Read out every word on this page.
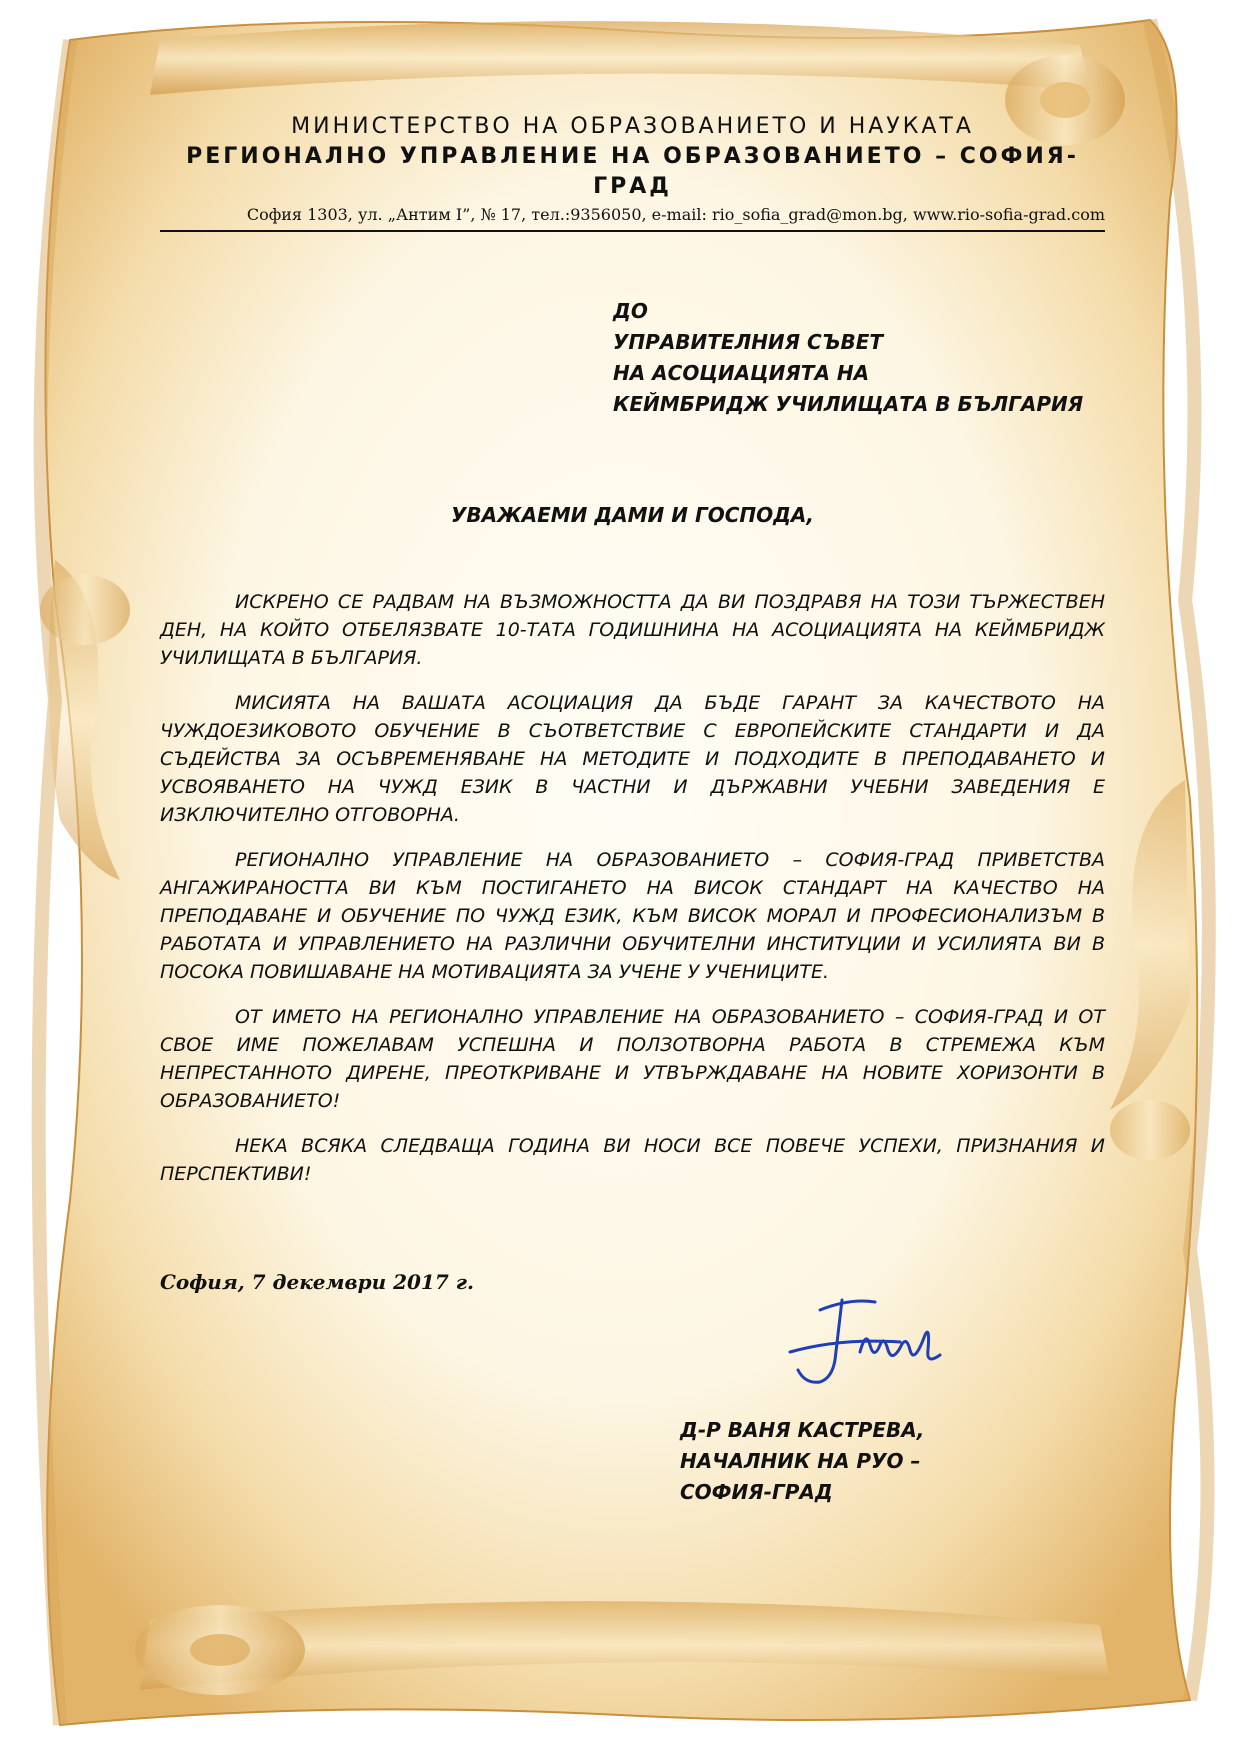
МИНИСТЕРСТВО НА ОБРАЗОВАНИЕТО И НАУКАТА
РЕГИОНАЛНО УПРАВЛЕНИЕ НА ОБРАЗОВАНИЕТО – СОФИЯ-ГРАД
София 1303, ул. „Антим I”, № 17, тел.:9356050, e-mail: rio_sofia_grad@mon.bg, www.rio-sofia-grad.com
ДО
УПРАВИТЕЛНИЯ СЪВЕТ
НА АСОЦИАЦИЯТА НА
КЕЙМБРИДЖ УЧИЛИЩАТА В БЪЛГАРИЯ
УВАЖАЕМИ ДАМИ И ГОСПОДА,

ИСКРЕНО СЕ РАДВАМ НА ВЪЗМОЖНОСТТА ДА ВИ ПОЗДРАВЯ НА ТОЗИ ТЪРЖЕСТВЕН ДЕН, НА КОЙТО ОТБЕЛЯЗВАТЕ 10-ТАТА ГОДИШНИНА НА АСОЦИАЦИЯТА НА КЕЙМБРИДЖ УЧИЛИЩАТА В БЪЛГАРИЯ.

МИСИЯТА НА ВАШАТА АСОЦИАЦИЯ ДА БЪДЕ ГАРАНТ ЗА КАЧЕСТВОТО НА ЧУЖДОЕЗИКОВОТО ОБУЧЕНИЕ В СЪОТВЕТСТВИЕ С ЕВРОПЕЙСКИТЕ СТАНДАРТИ И ДА СЪДЕЙСТВА ЗА ОСЪВРЕМЕНЯВАНЕ НА МЕТОДИТЕ И ПОДХОДИТЕ В ПРЕПОДАВАНЕТО И УСВОЯВАНЕТО НА ЧУЖД ЕЗИК В ЧАСТНИ И ДЪРЖАВНИ УЧЕБНИ ЗАВЕДЕНИЯ Е ИЗКЛЮЧИТЕЛНО ОТГОВОРНА.

РЕГИОНАЛНО УПРАВЛЕНИЕ НА ОБРАЗОВАНИЕТО – СОФИЯ-ГРАД ПРИВЕТСТВА АНГАЖИРАНОСТТА ВИ КЪМ ПОСТИГАНЕТО НА ВИСОК СТАНДАРТ НА КАЧЕСТВО НА ПРЕПОДАВАНЕ И ОБУЧЕНИЕ ПО ЧУЖД ЕЗИК, КЪМ ВИСОК МОРАЛ И ПРОФЕСИОНАЛИЗЪМ В РАБОТАТА И УПРАВЛЕНИЕТО НА РАЗЛИЧНИ ОБУЧИТЕЛНИ ИНСТИТУЦИИ И УСИЛИЯТА ВИ В ПОСОКА ПОВИШАВАНЕ НА МОТИВАЦИЯТА ЗА УЧЕНЕ У УЧЕНИЦИТЕ.

ОТ ИМЕТО НА РЕГИОНАЛНО УПРАВЛЕНИЕ НА ОБРАЗОВАНИЕТО – СОФИЯ-ГРАД И ОТ СВОЕ ИМЕ ПОЖЕЛАВАМ УСПЕШНА И ПОЛЗОТВОРНА РАБОТА В СТРЕМЕЖА КЪМ НЕПРЕСТАННОТО ДИРЕНЕ, ПРЕОТКРИВАНЕ И УТВЪРЖДАВАНЕ НА НОВИТЕ ХОРИЗОНТИ В ОБРАЗОВАНИЕТО!

НЕКА ВСЯКА СЛЕДВАЩА ГОДИНА ВИ НОСИ ВСЕ ПОВЕЧЕ УСПЕХИ, ПРИЗНАНИЯ И ПЕРСПЕКТИВИ!

София, 7 декември 2017 г.
Д-Р ВАНЯ КАСТРЕВА,
НАЧАЛНИК НА РУО –
СОФИЯ-ГРАД
